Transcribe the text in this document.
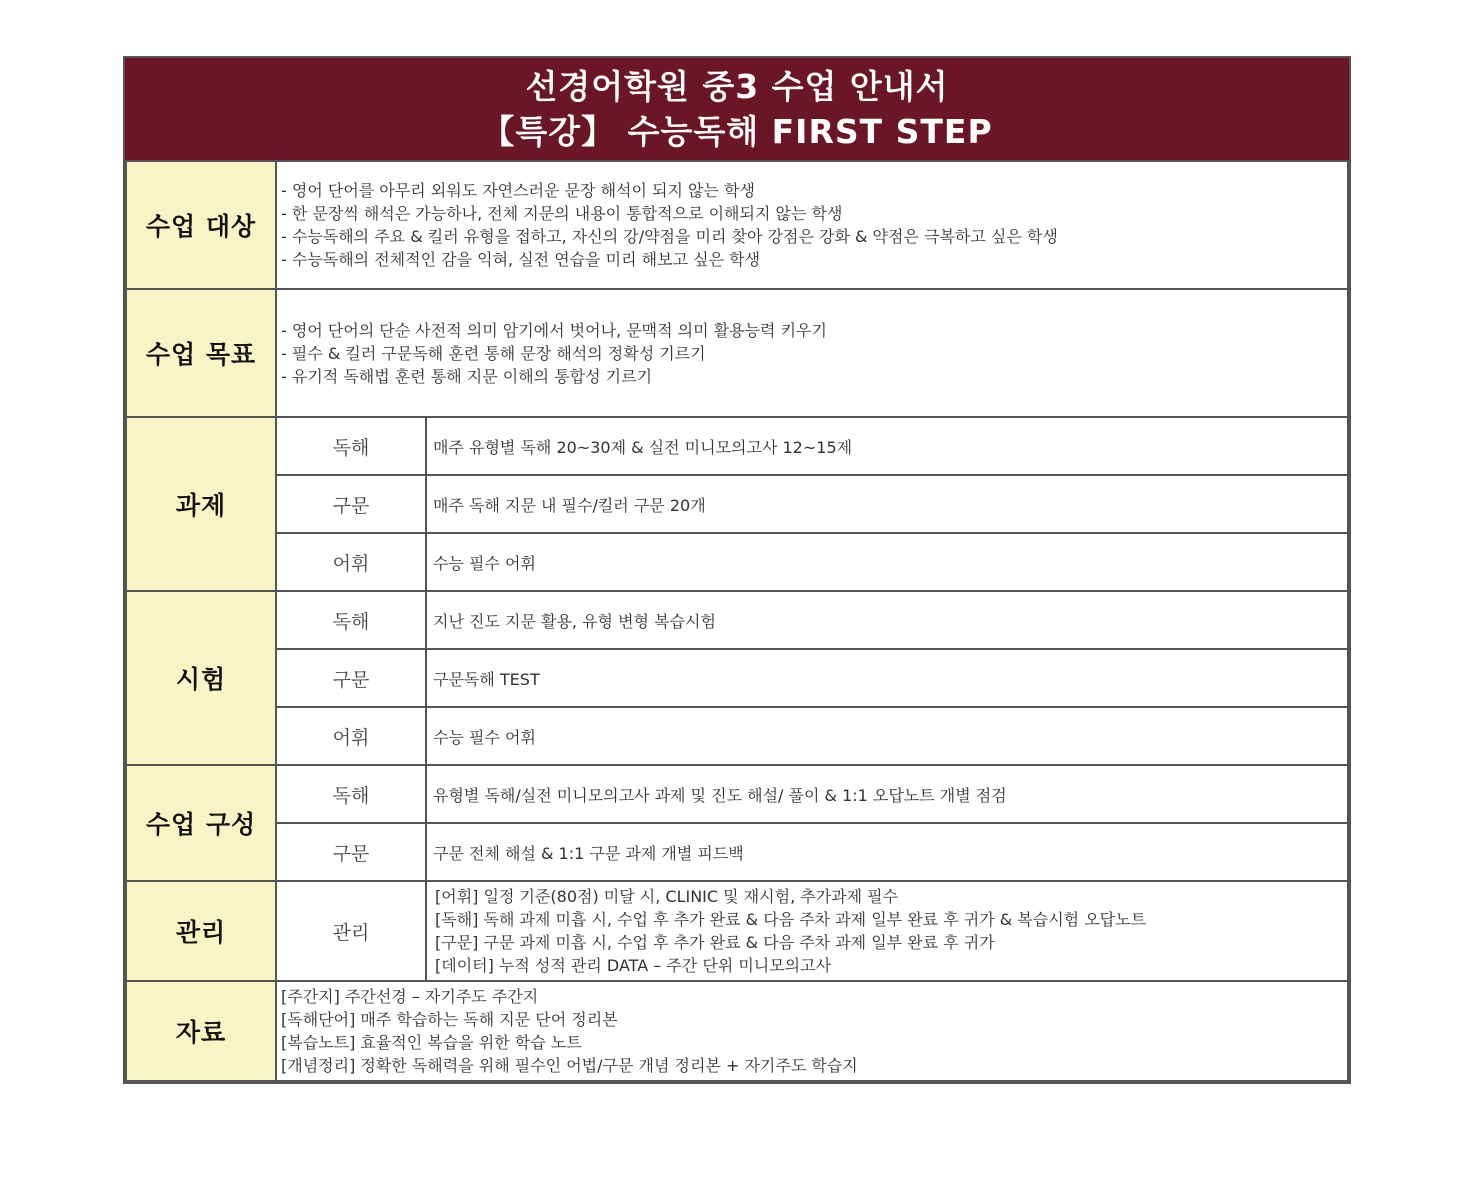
선경어학원 중3 수업 안내서
【특강】 수능독해 FIRST STEP
수업 대상	- 영어 단어를 아무리 외워도 자연스러운 문장 해석이 되지 않는 학생
- 한 문장씩 해석은 가능하나, 전체 지문의 내용이 통합적으로 이해되지 않는 학생
- 수능독해의 주요 & 킬러 유형을 접하고, 자신의 강/약점을 미리 찾아 강점은 강화 & 약점은 극복하고 싶은 학생
- 수능독해의 전체적인 감을 익혀, 실전 연습을 미리 해보고 싶은 학생	

수업 목표	- 영어 단어의 단순 사전적 의미 암기에서 벗어나, 문맥적 의미 활용능력 키우기
- 필수 & 킬러 구문독해 훈련 통해 문장 해석의 정확성 기르기
- 유기적 독해법 훈련 통해 지문 이해의 통합성 기르기	

과제	독해	매주 유형별 독해 20~30제 & 실전 미니모의고사 12~15제
	구문	매주 독해 지문 내 필수/킬러 구문 20개
	어휘	수능 필수 어휘
시험	독해	지난 진도 지문 활용, 유형 변형 복습시험
	구문	구문독해 TEST
	어휘	수능 필수 어휘
수업 구성	독해	유형별 독해/실전 미니모의고사 과제 및 진도 해설/ 풀이 & 1:1 오답노트 개별 점검
	구문	구문 전체 해설 & 1:1 구문 과제 개별 피드백
관리	관리	[어휘] 일정 기준(80점) 미달 시, CLINIC 및 재시험, 추가과제 필수
[독해] 독해 과제 미흡 시, 수업 후 추가 완료 & 다음 주차 과제 일부 완료 후 귀가 & 복습시험 오답노트
[구문] 구문 과제 미흡 시, 수업 후 추가 완료 & 다음 주차 과제 일부 완료 후 귀가
[데이터] 누적 성적 관리 DATA – 주간 단위 미니모의고사

자료	[주간지] 주간선경 – 자기주도 주간지
[독해단어] 매주 학습하는 독해 지문 단어 정리본
[복습노트] 효율적인 복습을 위한 학습 노트
[개념정리] 정확한 독해력을 위해 필수인 어법/구문 개념 정리본 + 자기주도 학습지	
